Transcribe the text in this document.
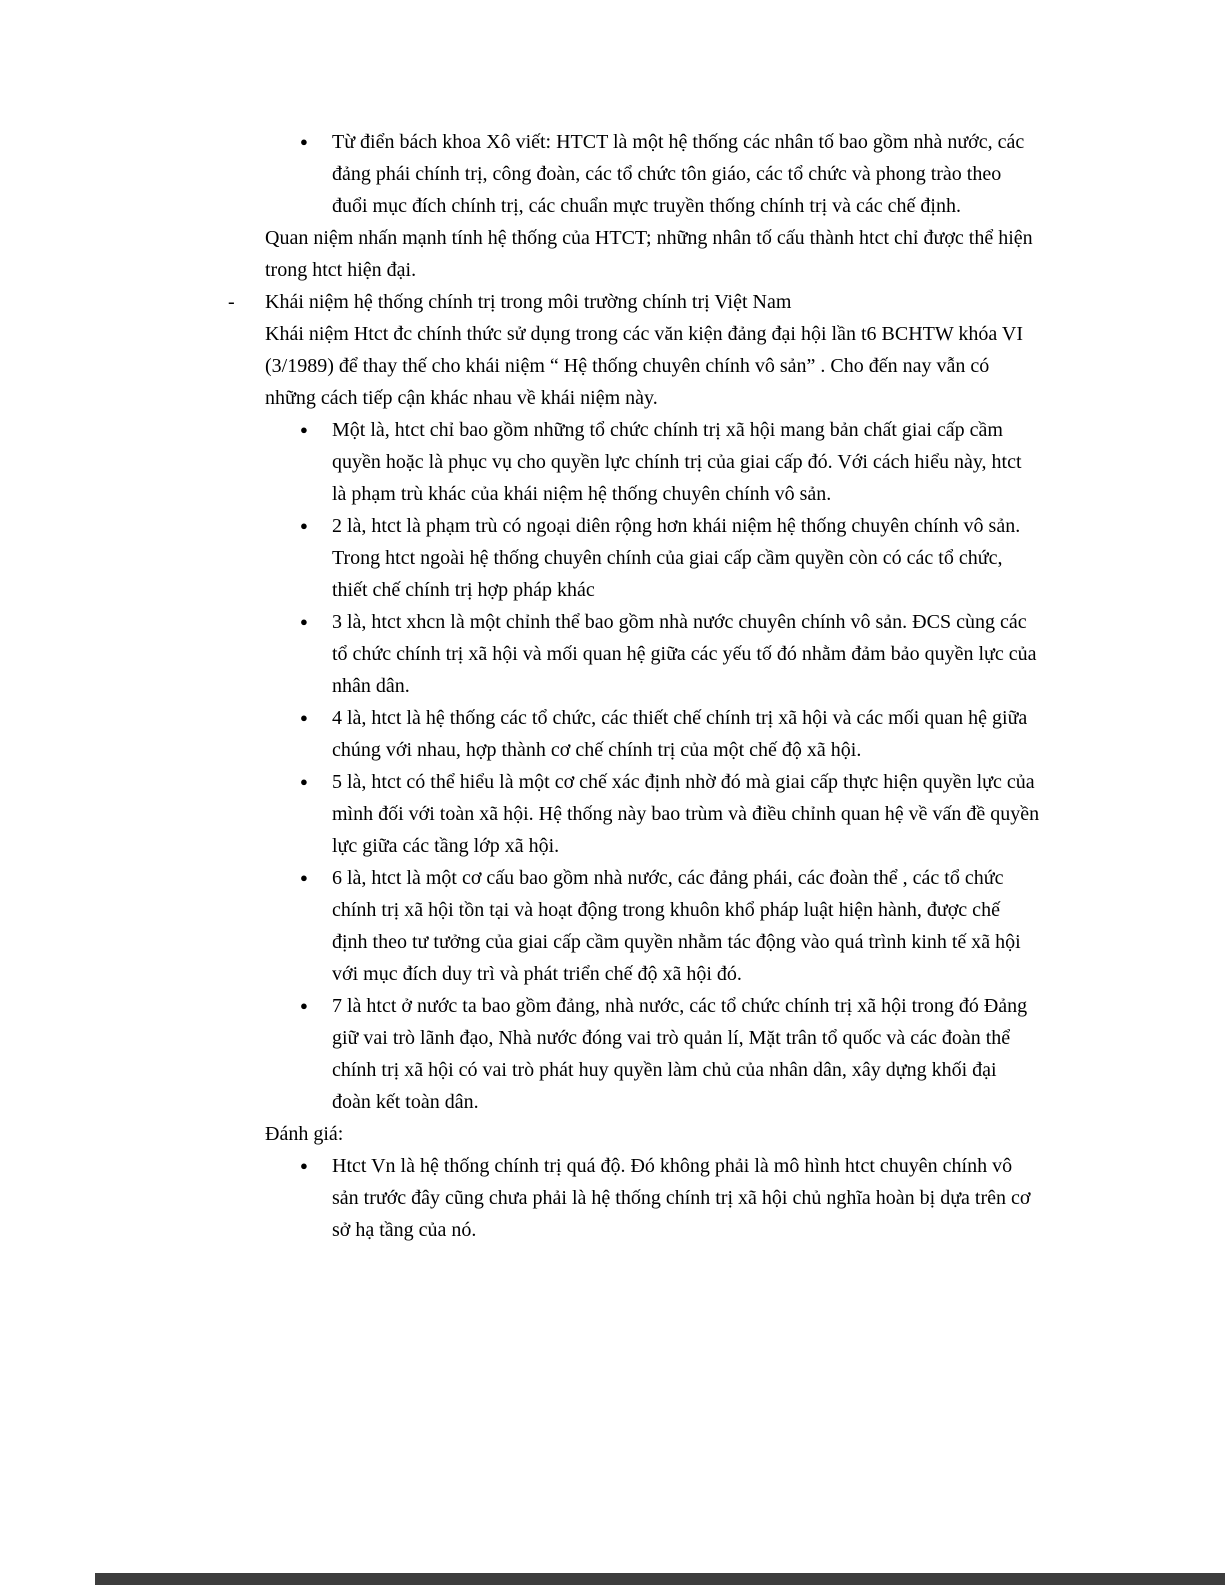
●	Từ điển bách khoa Xô viết: HTCT là một hệ thống các nhân tố bao gồm nhà nước, các đảng phái chính trị, công đoàn, các tổ chức tôn giáo, các tổ chức và phong trào theo đuổi mục đích chính trị, các chuẩn mực truyền thống chính trị và các chế định.
Quan niệm nhấn mạnh tính hệ thống của HTCT; những nhân tố cấu thành htct chỉ được thể hiện trong htct hiện đại.
-	Khái niệm hệ thống chính trị trong môi trường chính trị Việt Nam
Khái niệm Htct đc chính thức sử dụng trong các văn kiện đảng đại hội lần t6 BCHTW khóa VI (3/1989) để thay thế cho khái niệm “ Hệ thống chuyên chính vô sản” . Cho đến nay vẫn có những cách tiếp cận khác nhau về khái niệm này.
●	Một là, htct chỉ bao gồm những tổ chức chính trị xã hội mang bản chất giai cấp cầm quyền hoặc là phục vụ cho quyền lực chính trị của giai cấp đó. Với cách hiểu này, htct là phạm trù khác của khái niệm hệ thống chuyên chính vô sản.
●	2 là, htct là phạm trù có ngoại diên rộng hơn khái niệm hệ thống chuyên chính vô sản. Trong htct ngoài hệ thống chuyên chính của giai cấp cầm quyền còn có các tổ chức, thiết chế chính trị hợp pháp khác
●	3 là, htct xhcn là một chỉnh thể bao gồm nhà nước chuyên chính vô sản. ĐCS cùng các tổ chức chính trị xã hội và mối quan hệ giữa các yếu tố đó nhằm đảm bảo quyền lực của nhân dân.
●	4 là, htct là hệ thống các tổ chức, các thiết chế chính trị xã hội và các mối quan hệ giữa chúng với nhau, hợp thành cơ chế chính trị của một chế độ xã hội.
●	5 là, htct có thể hiểu là một cơ chế xác định nhờ đó mà giai cấp thực hiện quyền lực của mình đối với toàn xã hội. Hệ thống này bao trùm và điều chỉnh quan hệ về vấn đề quyền lực giữa các tầng lớp xã hội.
●	6 là, htct là một cơ cấu bao gồm nhà nước, các đảng phái, các đoàn thể , các tổ chức chính trị xã hội tồn tại và hoạt động trong khuôn khổ pháp luật hiện hành, được chế định theo tư tưởng của giai cấp cầm quyền nhằm tác động vào quá trình kinh tế xã hội với mục đích duy trì và phát triển chế độ xã hội đó.
●	7 là htct ở nước ta bao gồm đảng, nhà nước, các tổ chức chính trị xã hội trong đó Đảng giữ vai trò lãnh đạo, Nhà nước đóng vai trò quản lí, Mặt trân tổ quốc và các đoàn thể chính trị xã hội có vai trò phát huy quyền làm chủ của nhân dân, xây dựng khối đại đoàn kết toàn dân.
Đánh giá:
●	Htct Vn là hệ thống chính trị quá độ. Đó không phải là mô hình htct chuyên chính vô sản trước đây cũng chưa phải là hệ thống chính trị xã hội chủ nghĩa hoàn bị dựa trên cơ sở hạ tầng của nó.
